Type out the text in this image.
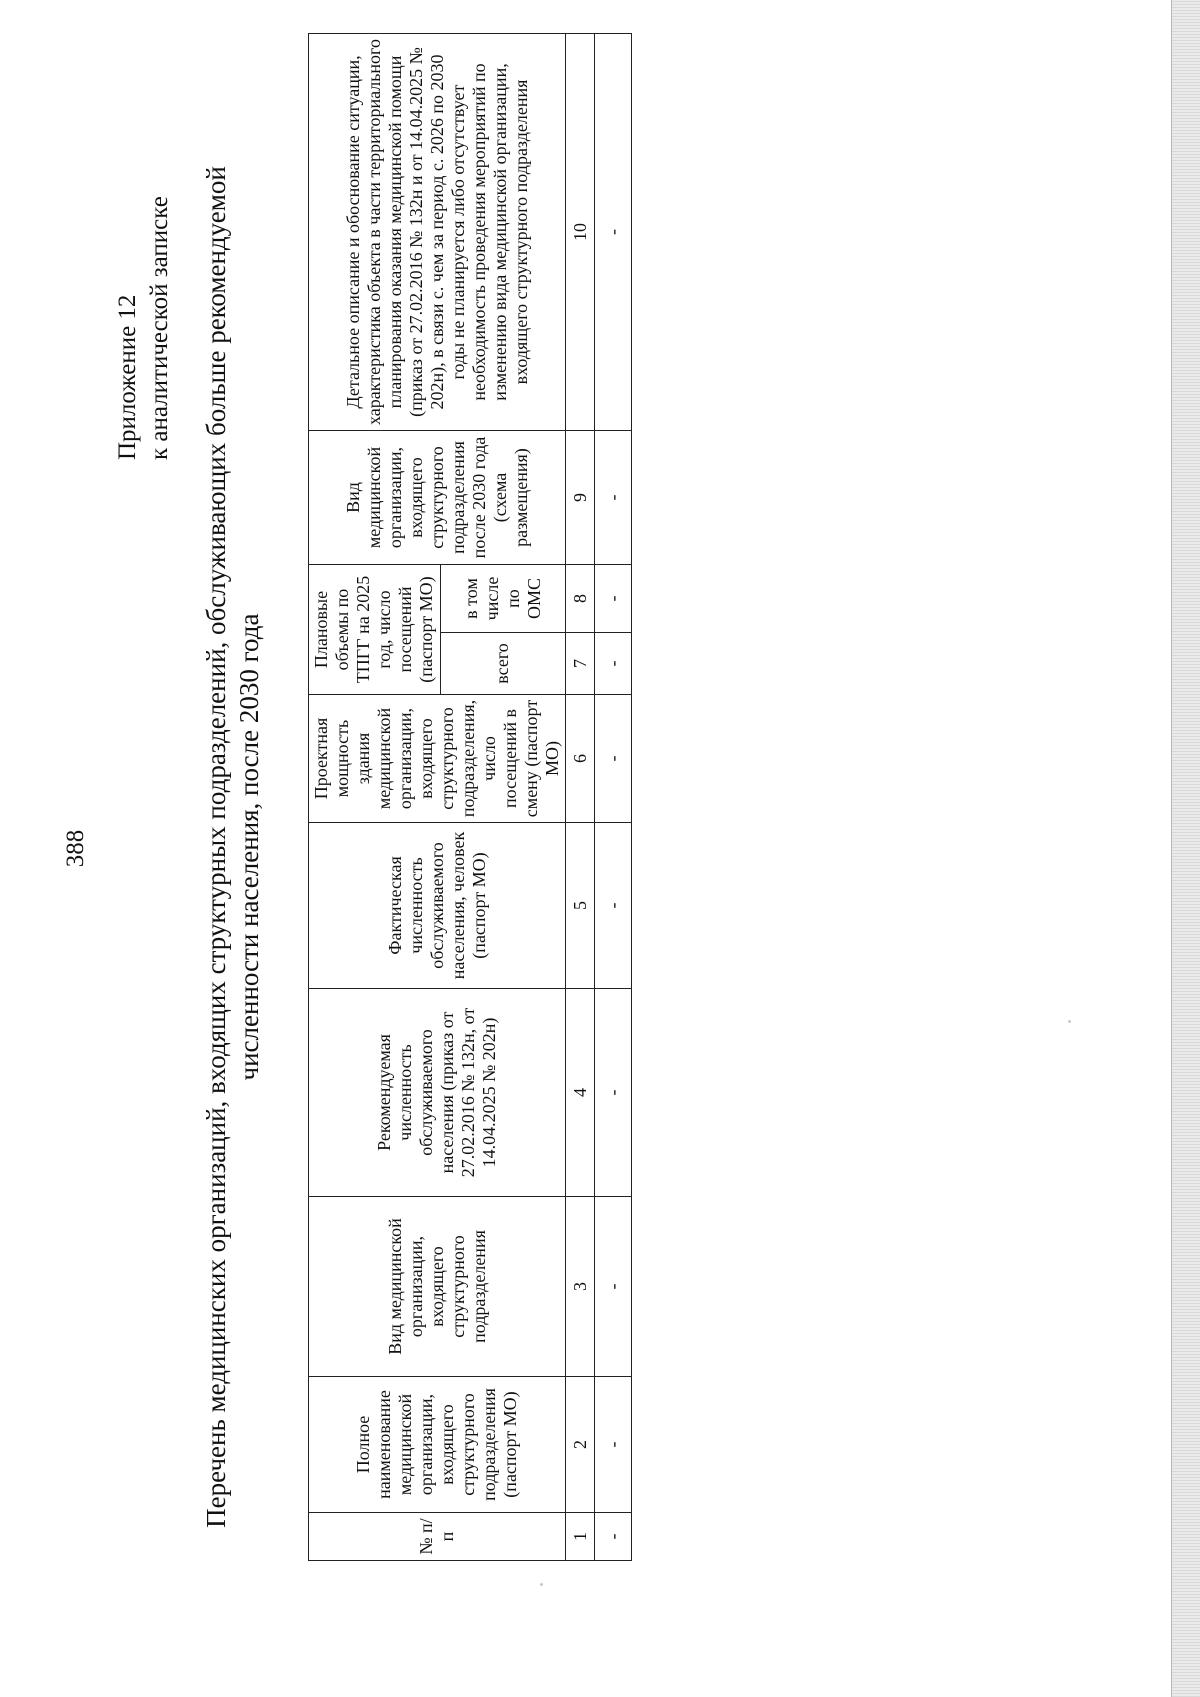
388
Приложение 12 к аналитической записке Перечень медицинских организаций, входящих структурных подразделений, обслуживающих больше рекомендуемой численности населения, после 2030 года
№ п/п	Полное наименование медицинской организации, входящего структурного подразделения (паспорт МО)	Вид медицинской организации, входящего структурного подразделения	Рекомендуемая численность обслуживаемого населения (приказ от 27.02.2016 № 132н, от 14.04.2025 № 202н)	Фактическая численность обслуживаемого населения, человек (паспорт МО)	Проектная мощность здания медицинской организации, входящего структурного подразделения, число посещений в смену (паспорт МО)	Плановые объемы по ТПГГ на 2025 год, число посещений (паспорт МО)		Вид медицинской организации, входящего структурного подразделения после 2030 года (схема размещения)	Детальное описание и обоснование ситуации, характеристика объекта в части территориального планирования оказания медицинской помощи (приказ от 27.02.2016 № 132н и от 14.04.2025 № 202н), в связи с. чем за период с. 2026 по 2030 годы не планируется либо отсутствует необходимость проведения мероприятий по изменению вида медицинской организации, входящего структурного подразделения
						всего	в том числе по ОМС		
1	2	3	4	5	6	7	8	9	10
-	-	-	-	-	-	-	-	-	-
